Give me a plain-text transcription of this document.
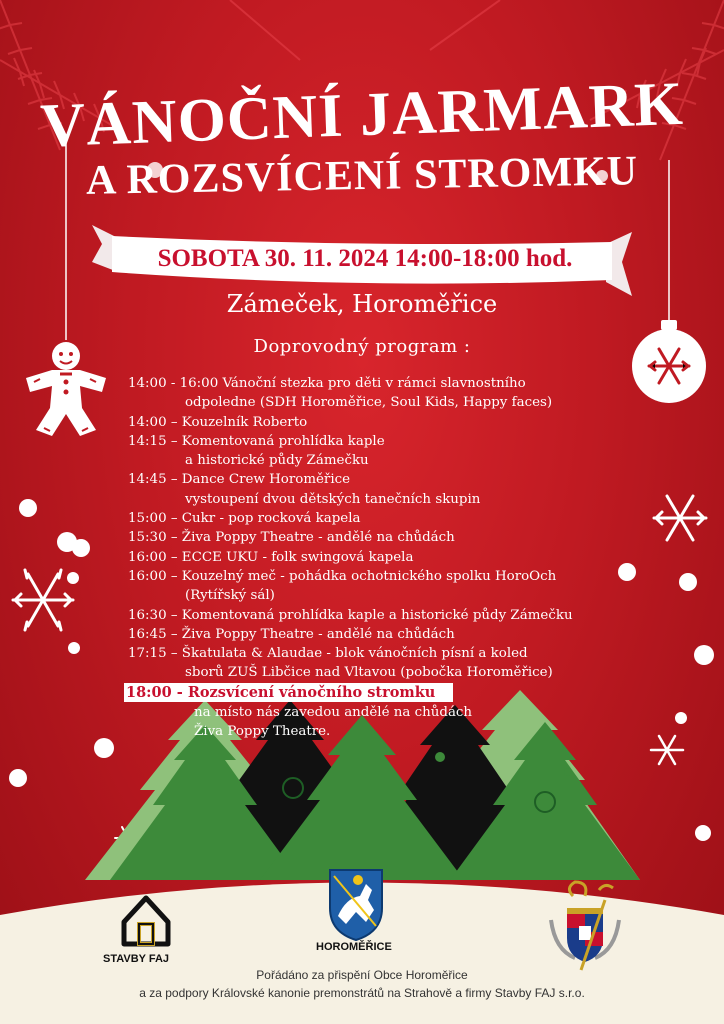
VÁNOČNÍ JARMARK
A ROZSVÍCENÍ STROMKU
SOBOTA 30. 11. 2024 14:00-18:00 hod.
Zámeček, Horoměřice
Doprovodný program :
14:00 - 16:00 Vánoční stezka pro děti v rámci slavnostního
odpoledne (SDH Horoměřice, Soul Kids, Happy faces)
14:00 – Kouzelník Roberto
14:15 – Komentovaná prohlídka kaple
a historické půdy Zámečku
14:45 – Dance Crew Horoměřice
vystoupení dvou dětských tanečních skupin
15:00 – Cukr - pop rocková kapela
15:30 – Živa Poppy Theatre - andělé na chůdách
16:00 – ECCE UKU - folk swingová kapela
16:00 – Kouzelný meč - pohádka ochotnického spolku HoroOch
(Rytířský sál)
16:30 – Komentovaná prohlídka kaple a historické půdy Zámečku
16:45 – Živa Poppy Theatre - andělé na chůdách
17:15 – Škatulata & Alaudae - blok vánočních písní a koled
sborů ZUŠ Libčice nad Vltavou (pobočka Horoměřice)
18:00 - Rozsvícení vánočního stromku
na místo nás zavedou andělé na chůdách
Živa Poppy Theatre.
STAVBY FAJ
HOROMĚŘICE
Pořádáno za přispění Obce Horoměřice
a za podpory Královské kanonie premonstrátů na Strahově a firmy Stavby FAJ s.r.o.
